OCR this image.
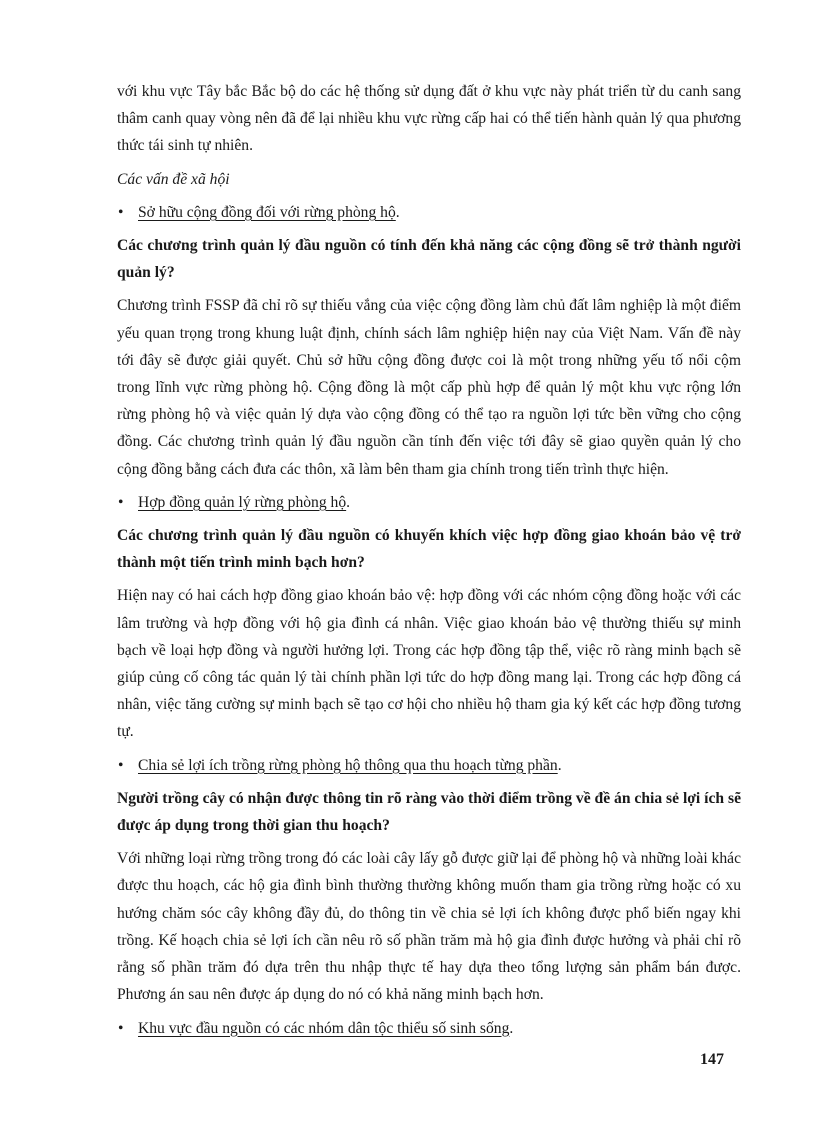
với khu vực Tây bắc Bắc bộ do các hệ thống sử dụng đất ở khu vực này phát triển từ du canh sang thâm canh quay vòng nên đã để lại nhiều khu vực rừng cấp hai có thể tiến hành quản lý qua phương thức tái sinh tự nhiên.

Các vấn đề xã hội

• Sở hữu cộng đồng đối với rừng phòng hộ.
Các chương trình quản lý đầu nguồn có tính đến khả năng các cộng đồng sẽ trở thành người quản lý?

Chương trình FSSP đã chỉ rõ sự thiếu vắng của việc cộng đồng làm chủ đất lâm nghiệp là một điểm yếu quan trọng trong khung luật định, chính sách lâm nghiệp hiện nay của Việt Nam. Vấn đề này tới đây sẽ được giải quyết. Chủ sở hữu cộng đồng được coi là một trong những yếu tố nổi cộm trong lĩnh vực rừng phòng hộ. Cộng đồng là một cấp phù hợp để quản lý một khu vực rộng lớn rừng phòng hộ và việc quản lý dựa vào cộng đồng có thể tạo ra nguồn lợi tức bền vững cho cộng đồng. Các chương trình quản lý đầu nguồn cần tính đến việc tới đây sẽ giao quyền quản lý cho cộng đồng bằng cách đưa các thôn, xã làm bên tham gia chính trong tiến trình thực hiện.

• Hợp đồng quản lý rừng phòng hộ.
Các chương trình quản lý đầu nguồn có khuyến khích việc hợp đồng giao khoán bảo vệ trở thành một tiến trình minh bạch hơn?

Hiện nay có hai cách hợp đồng giao khoán bảo vệ: hợp đồng với các nhóm cộng đồng hoặc với các lâm trường và hợp đồng với hộ gia đình cá nhân. Việc giao khoán bảo vệ thường thiếu sự minh bạch về loại hợp đồng và người hưởng lợi. Trong các hợp đồng tập thể, việc rõ ràng minh bạch sẽ giúp củng cố công tác quản lý tài chính phần lợi tức do hợp đồng mang lại. Trong các hợp đồng cá nhân, việc tăng cường sự minh bạch sẽ tạo cơ hội cho nhiều hộ tham gia ký kết các hợp đồng tương tự.

• Chia sẻ lợi ích trồng rừng phòng hộ thông qua thu hoạch từng phần.
Người trồng cây có nhận được thông tin rõ ràng vào thời điểm trồng về đề án chia sẻ lợi ích sẽ được áp dụng trong thời gian thu hoạch?

Với những loại rừng trồng trong đó các loài cây lấy gỗ được giữ lại để phòng hộ và những loài khác được thu hoạch, các hộ gia đình bình thường thường không muốn tham gia trồng rừng hoặc có xu hướng chăm sóc cây không đầy đủ, do thông tin về chia sẻ lợi ích không được phổ biến ngay khi trồng. Kế hoạch chia sẻ lợi ích cần nêu rõ số phần trăm mà hộ gia đình được hưởng và phải chỉ rõ rằng số phần trăm đó dựa trên thu nhập thực tế hay dựa theo tổng lượng sản phẩm bán được. Phương án sau nên được áp dụng do nó có khả năng minh bạch hơn.

• Khu vực đầu nguồn có các nhóm dân tộc thiểu số sinh sống.
147
